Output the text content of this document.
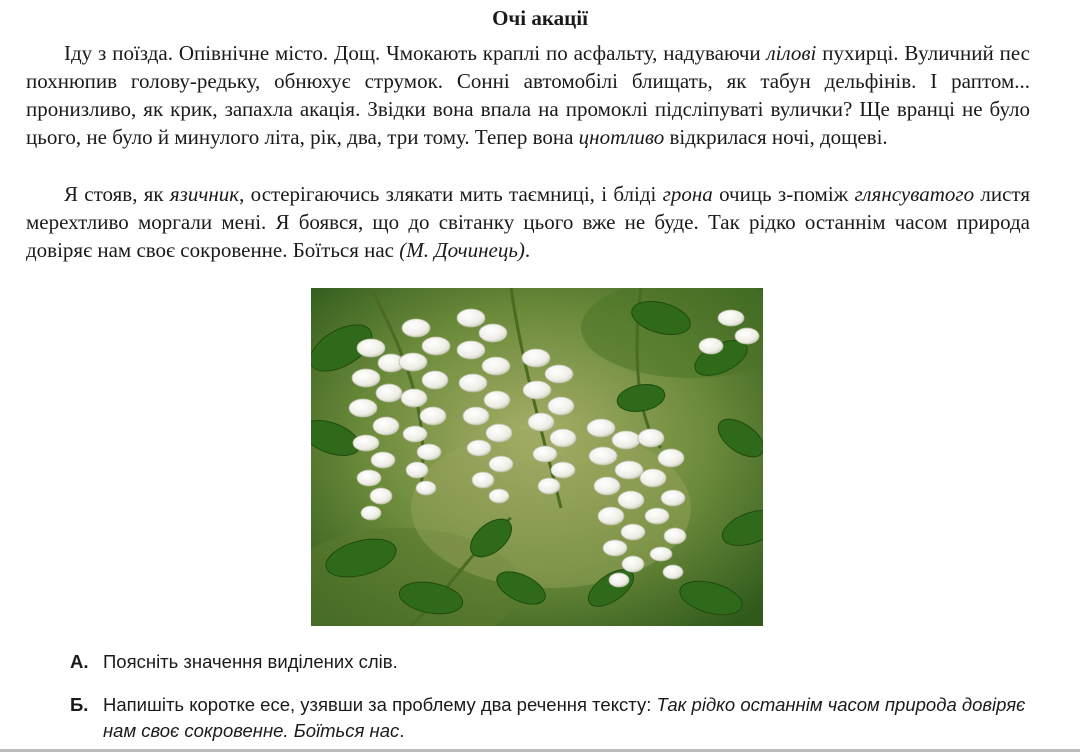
Очі акації

Іду з поїзда. Опівнічне місто. Дощ. Чмокають краплі по асфальту, надуваючи лілові пухирці. Вуличний пес похнюпив голову-редьку, обнюхує струмок. Сонні автомобілі блищать, як табун дельфінів. І раптом... пронизливо, як крик, запахла акація. Звідки вона впала на промоклі підсліпуваті вулички? Ще вранці не було цього, не було й минулого літа, рік, два, три тому. Тепер вона цнотливо відкрилася ночі, дощеві.

Я стояв, як язичник, остерігаючись злякати мить таємниці, і бліді грона очиць з-поміж глянсуватого листя мерехтливо моргали мені. Я боявся, що до світанку цього вже не буде. Так рідко останнім часом природа довіряє нам своє сокровенне. Боїться нас (М. Дочинець).

А. Поясніть значення виділених слів.
Б. Напишіть коротке есе, узявши за проблему два речення тексту: Так рідко останнім часом природа довіряє нам своє сокровенне. Боїться нас.
